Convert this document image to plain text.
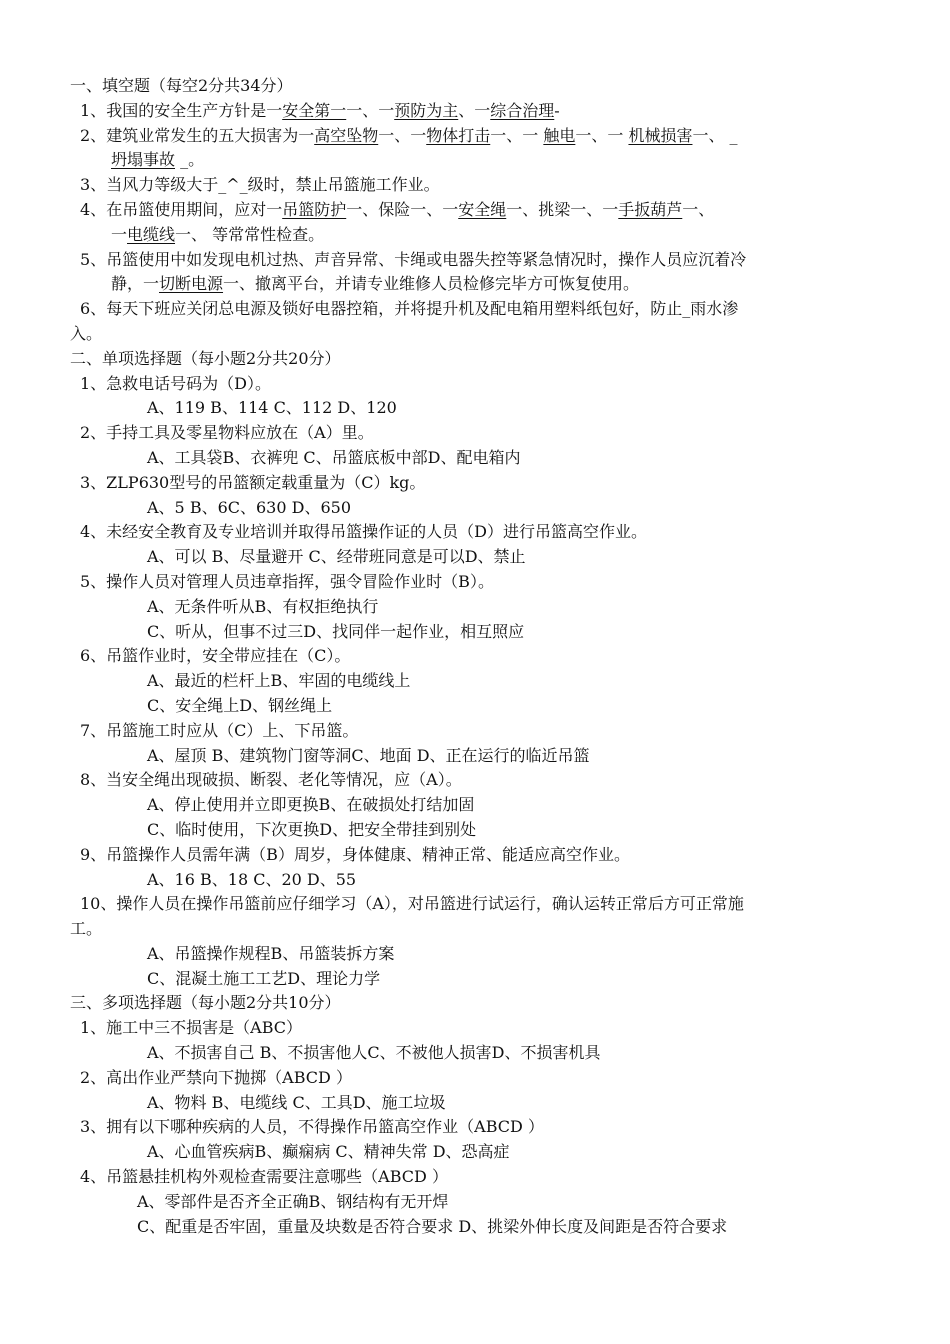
一、填空题（每空2分共34分）
1、我国的安全生产方针是一安全第一一、一预防为主、一综合治理-
2、建筑业常发生的五大损害为一高空坠物一、一物体打击一、一 触电一、一 机械损害一、 _
坍塌事故 _。
3、当风力等级大于_^_级时，禁止吊篮施工作业。
4、在吊篮使用期间，应对一吊篮防护一、保险一、一安全绳一、挑梁一、一手扳葫芦一、
一电缆线一、 等常常性检查。
5、吊篮使用中如发现电机过热、声音异常、卡绳或电器失控等紧急情况时，操作人员应沉着冷
静，一切断电源一、撤离平台，并请专业维修人员检修完毕方可恢复使用。
6、每天下班应关闭总电源及锁好电器控箱，并将提升机及配电箱用塑料纸包好，防止_雨水渗
入。
二、单项选择题（每小题2分共20分）
1、急救电话号码为（D）。
A、119 B、114 C、112 D、120
2、手持工具及零星物料应放在（A）里。
A、工具袋B、衣裤兜 C、吊篮底板中部D、配电箱内
3、ZLP630型号的吊篮额定载重量为（C）kg。
A、5 B、6C、630 D、650
4、未经安全教育及专业培训并取得吊篮操作证的人员（D）进行吊篮高空作业。
A、可以 B、尽量避开 C、经带班同意是可以D、禁止
5、操作人员对管理人员违章指挥，强令冒险作业时（B）。
A、无条件听从B、有权拒绝执行
C、听从，但事不过三D、找同伴一起作业，相互照应
6、吊篮作业时，安全带应挂在（C）。
A、最近的栏杆上B、牢固的电缆线上
C、安全绳上D、钢丝绳上
7、吊篮施工时应从（C）上、下吊篮。
A、屋顶 B、建筑物门窗等洞C、地面 D、正在运行的临近吊篮
8、当安全绳出现破损、断裂、老化等情况，应（A）。
A、停止使用并立即更换B、在破损处打结加固
C、临时使用，下次更换D、把安全带挂到别处
9、吊篮操作人员需年满（B）周岁，身体健康、精神正常、能适应高空作业。
A、16 B、18 C、20 D、55
10、操作人员在操作吊篮前应仔细学习（A），对吊篮进行试运行，确认运转正常后方可正常施
工。
A、吊篮操作规程B、吊篮装拆方案
C、混凝土施工工艺D、理论力学
三、多项选择题（每小题2分共10分）
1、施工中三不损害是（ABC）
A、不损害自己 B、不损害他人C、不被他人损害D、不损害机具
2、高出作业严禁向下抛掷（ABCD ）
A、物料 B、电缆线 C、工具D、施工垃圾
3、拥有以下哪种疾病的人员，不得操作吊篮高空作业（ABCD ）
A、心血管疾病B、癫痫病 C、精神失常 D、恐高症
4、吊篮悬挂机构外观检查需要注意哪些（ABCD ）
A、零部件是否齐全正确B、钢结构有无开焊
C、配重是否牢固，重量及块数是否符合要求 D、挑梁外伸长度及间距是否符合要求
